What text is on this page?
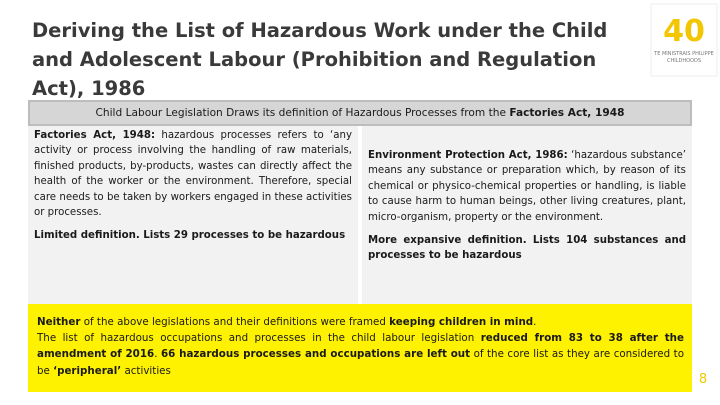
Deriving the List of Hazardous Work under the Child and Adolescent Labour (Prohibition and Regulation Act), 1986
40
TE MINISTRAIS PHILIPPE
CHILDHOODS
Child Labour Legislation Draws its definition of Hazardous Processes from the Factories Act, 1948

Factories Act, 1948: hazardous processes refers to ‘any activity or process involving the handling of raw materials, finished products, by-products, wastes can directly affect the health of the worker or the environment. Therefore, special care needs to be taken by workers engaged in these activities or processes.

Limited definition. Lists 29 processes to be hazardous

Environment Protection Act, 1986: ‘hazardous substance’ means any substance or preparation which, by reason of its chemical or physico-chemical properties or handling, is liable to cause harm to human beings, other living creatures, plant, micro-organism, property or the environment.

More expansive definition. Lists 104 substances and processes to be hazardous

Neither of the above legislations and their definitions were framed keeping children in mind.

The list of hazardous occupations and processes in the child labour legislation reduced from 83 to 38 after the amendment of 2016. 66 hazardous processes and occupations are left out of the core list as they are considered to be ‘peripheral’ activities

8
